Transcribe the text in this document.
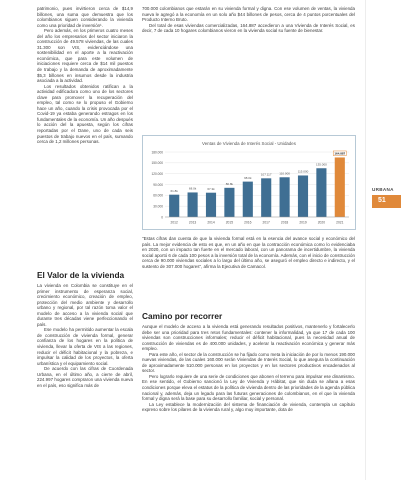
patrimonio, pues invirtieron cerca de $14,9 billones, una suma que demuestra que los colombianos siguen considerando la vivienda como una prioridad de inversión¹.

Pero además, en los primeros cuatro meses del año los empresarios del sector iniciaron la construcción de 49.578 viviendas, de las cuales 31.300 son VIS, evidenciándose una sostenibilidad en el aporte a la reactivación económica, que para este volumen de iniciaciones requiere cerca de $14 mil puestos de trabajo y la demanda de aproximadamente $5,3 billones en insumos desde la industria asociada a la actividad.

Los resultados obtenidos ratifican a la actividad edificadora como uno de los sectores clave para promover la recuperación del empleo, tal como se lo propuso el Gobierno hace un año, cuando la crisis provocada por el Covid-19 ya estaba generando estragos en los fundamentales de la economía. Un año después lo acción del la apuesta, según los cifras reportadas por el Dane, uno de cada seis puestos de trabajo nuevos en el país, sumando cerca de 1,2 millones personas.

El Valor de la vivienda

La vivienda en Colombia se constituye en el primer instrumento de esperanza social, crecimiento económico, creación de empleo, protección del medio ambiente y desarrollo urbano y regional, por tal razón toma valor el modelo de acceso a la vivienda social que durante tres décadas viene perfeccionando el país.

Ese modelo ha permitido aumentar la escala de construcción de vivienda formal, generar confianza de los hogares en la política de vivienda, llevar la oferta de VIS a las regiones, reducir el déficit habitacional y la pobreza, e impulsar la calidad de los proyectos, la oferta urbanística y el equipamiento social.

De acuerdo con las cifras de Coordenada Urbana, en el último año, a cierre de abril, 224.997 hogares compraron una vivienda nueva en el país, eso significa más de

700.000 colombianos que estarán en su vivienda formal y digna. Con ese volumen de ventas, la vivienda nueva le agregó a la economía en un solo año $44 billones de pesos, cerca de 4 puntos porcentuales del Producto Interno Bruto.

Del total de esas viviendas comercializadas, 164.887 accedieron a una Vivienda de Interés Social, es decir, 7 de cada 10 hogares colombianos vieron en la vivienda social su fuente de bienestar.

Ventas de Vivienda de Interés Social - Unidades
0
30.000
60.000
90.000
120.000
150.000
180.000
61.8k
2012
68.0k
2013
67.3k
2014
80.8k
2015
98.0k
2016
107.117
2017
110.000
2018
115.000
2019
135.000
2020
164.887
2021

"Estas cifras dan cuenta de que la vivienda formal está en la esencia del avance social y económico del país. La mejor evidencia de esto es que, en un año en que la contracción económica como lo evidenciaba en 2020, con un impacto tan fuerte en el mercado laboral, con un panorama de incertidumbre, la vivienda social aportó 6 de cada 100 pesos a la inversión total de la economía. Además, con el inicio de construcción cerca de 90.000 viviendas sociales a lo largo del último año, se aseguró el empleo directo e indirecto, y el sustento de 307.000 hogares", afirma la Ejecutiva de Camacol.

Camino por recorrer

Aunque el modelo de acceso a la vivienda está generando resultados positivos, mantenerlo y fortalecerlo debe ser una prioridad para tres retos fundamentales: contener la informalidad, ya que 17 de cada 100 viviendas son construcciones informales; reducir el déficit habitacional, pues la necesidad anual de construcción de viviendas es de 400.000 unidades, y acelerar la reactivación económica y generar más empleo.

Para este año, el sector de la construcción se ha fijado como meta la iniciación de por lo menos 190.000 nuevas viviendas, de las cuales 160.000 serán Viviendas de Interés Social, lo que asegura la continuación de aproximadamente 510.000 personas en los proyectos y en los sectores productivos encadenados al sector.

Pero lograrlo requiere de una serie de condiciones que abonen el terreno para impulsar ese dinamismo. En ese sentido, el Gobierno sancionó la Ley de Vivienda y Hábitat, que sin duda se allana a esas condiciones porque eleva el estatus de la política de vivienda dentro de las prioridades de la agenda pública nacional y, además, deja un legado para las futuras generaciones de colombianos, en el que la vivienda formal y digna será la base para su desarrollo familiar, social y personal.

La Ley establece la modernización del sistema de financiación de vivienda, contempla un capítulo expreso sobre los pilares de la vivienda rural y, algo muy importante, dota de

URBANA
51
